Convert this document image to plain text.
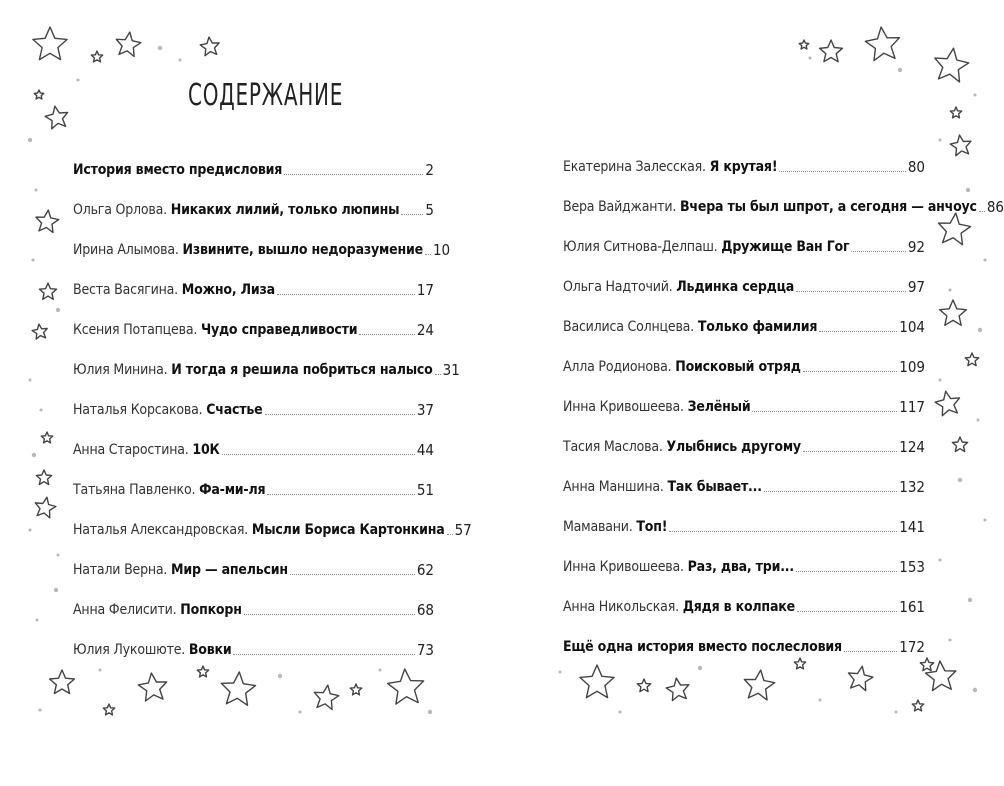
СОДЕРЖАНИЕ
История вместо предисловия	2
Ольга Орлова. Никаких лилий, только люпины 5
Ирина Алымова. Извините, вышло недоразумение 10
Веста Васягина. Можно, Лиза	17
Ксения Потапцева. Чудо справедливости	24
Юлия Минина. И тогда я решила побриться налысо 31
Наталья Корсакова. Счастье	37
Анна Старостина. 10К	44
Татьяна Павленко. Фа-ми-ля	51
Наталья Александровская. Мысли Бориса Картонкина 57
Натали Верна. Мир — апельсин	62
Анна Фелисити. Попкорн	68
Юлия Лукошюте. Вовки	73
Екатерина Залесская. Я крутая!	80
Вера Вайджанти. Вчера ты был шпрот, а сегодня — анчоус 86
Юлия Ситнова-Делпаш. Дружище Ван Гог	92
Ольга Надточий. Льдинка сердца	97
Василиса Солнцева. Только фамилия	104
Алла Родионова. Поисковый отряд	109
Инна Кривошеева. Зелёный	117
Тасия Маслова. Улыбнись другому	124
Анна Маншина. Так бывает...	132
Мамавани. Топ!	141
Инна Кривошеева. Раз, два, три...	153
Анна Никольская. Дядя в колпаке	161
Ещё одна история вместо послесловия	172
